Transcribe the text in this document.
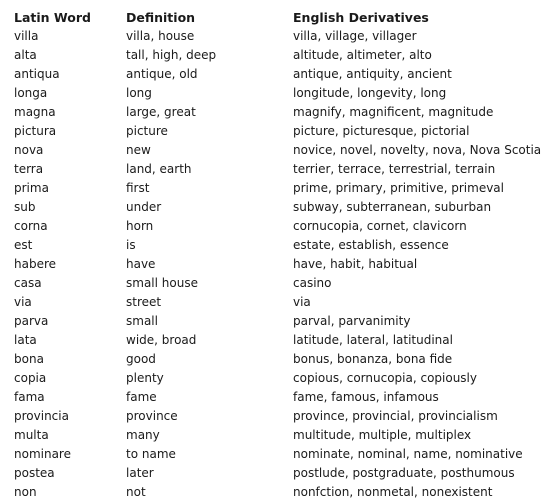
Latin Word	Definition	English Derivatives
villa	villa, house	villa, village, villager
alta	tall, high, deep	altitude, altimeter, alto
antiqua	antique, old	antique, antiquity, ancient
longa	long	longitude, longevity, long
magna	large, great	magnify, magnificent, magnitude
pictura	picture	picture, picturesque, pictorial
nova	new	novice, novel, novelty, nova, Nova Scotia
terra	land, earth	terrier, terrace, terrestrial, terrain
prima	first	prime, primary, primitive, primeval
sub	under	subway, subterranean, suburban
corna	horn	cornucopia, cornet, clavicorn
est	is	estate, establish, essence
habere	have	have, habit, habitual
casa	small house	casino
via	street	via
parva	small	parval, parvanimity
lata	wide, broad	latitude, lateral, latitudinal
bona	good	bonus, bonanza, bona fide
copia	plenty	copious, cornucopia, copiously
fama	fame	fame, famous, infamous
provincia	province	province, provincial, provincialism
multa	many	multitude, multiple, multiplex
nominare	to name	nominate, nominal, name, nominative
postea	later	postlude, postgraduate, posthumous
non	not	nonfction, nonmetal, nonexistent
